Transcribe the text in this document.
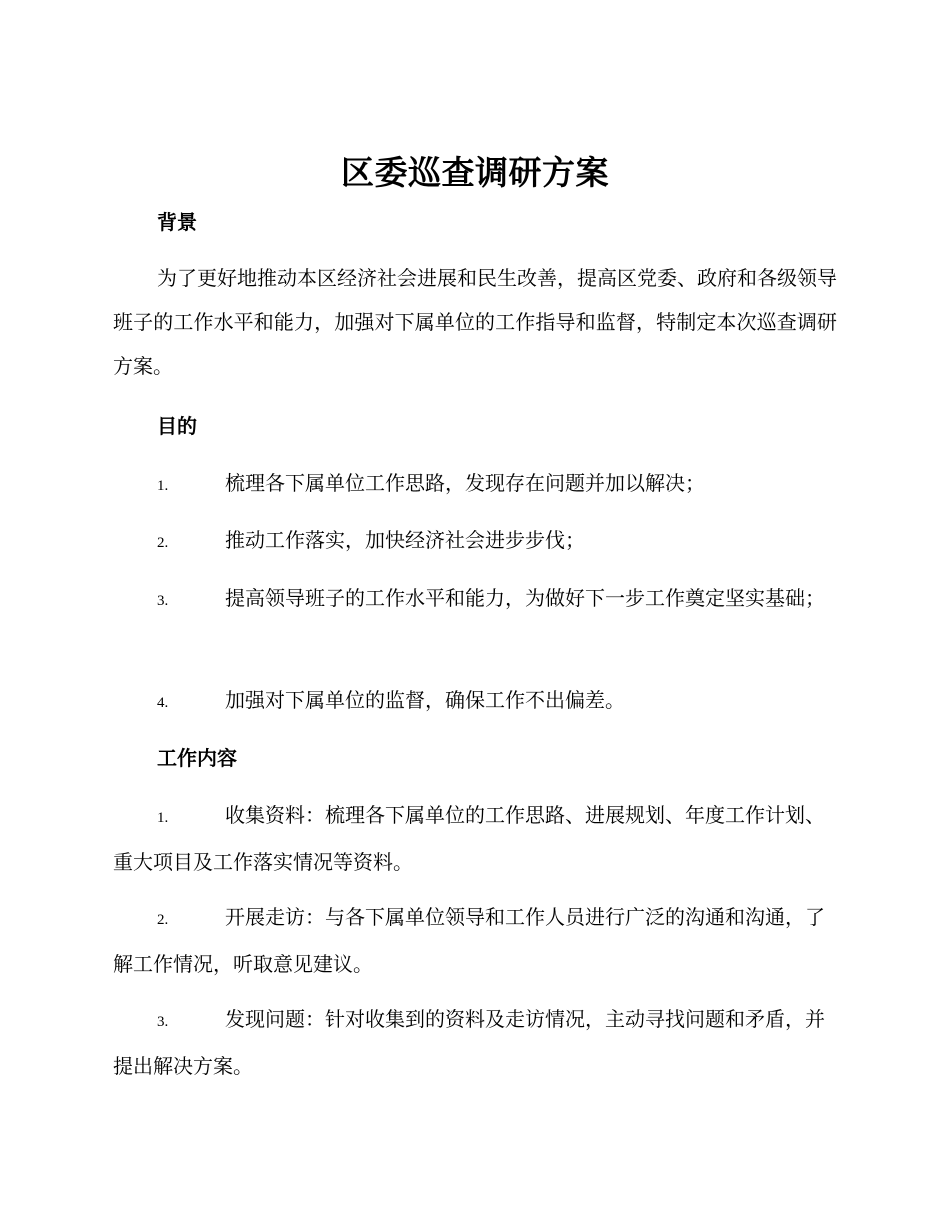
区委巡查调研方案
背景

为了更好地推动本区经济社会进展和民生改善，提高区党委、政府和各级领导班子的工作水平和能力，加强对下属单位的工作指导和监督，特制定本次巡查调研方案。

目的

1.	梳理各下属单位工作思路，发现存在问题并加以解决；

2.	推动工作落实，加快经济社会进步步伐；

3.	提高领导班子的工作水平和能力，为做好下一步工作奠定坚实基础；

4.	加强对下属单位的监督，确保工作不出偏差。

工作内容

1.	收集资料：梳理各下属单位的工作思路、进展规划、年度工作计划、重大项目及工作落实情况等资料。

2.	开展走访：与各下属单位领导和工作人员进行广泛的沟通和沟通，了解工作情况，听取意见建议。

3.	发现问题：针对收集到的资料及走访情况，主动寻找问题和矛盾，并提出解决方案。
